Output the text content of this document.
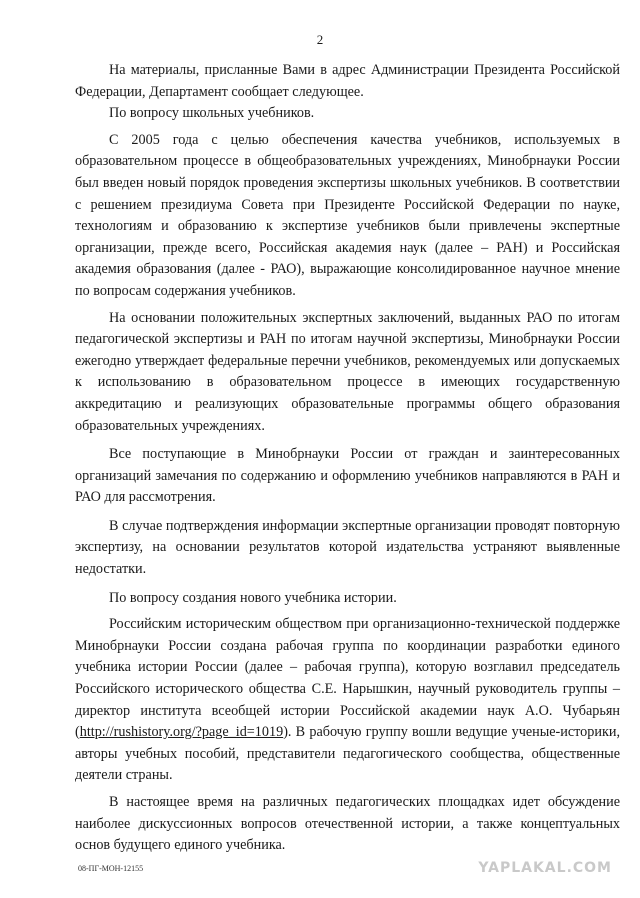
2

На материалы, присланные Вами в адрес Администрации Президента Российской Федерации, Департамент сообщает следующее.

По вопросу школьных учебников.

С 2005 года с целью обеспечения качества учебников, используемых в образовательном процессе в общеобразовательных учреждениях, Минобрнауки России был введен новый порядок проведения экспертизы школьных учебников. В соответствии с решением президиума Совета при Президенте Российской Федерации по науке, технологиям и образованию к экспертизе учебников были привлечены экспертные организации, прежде всего, Российская академия наук (далее – РАН) и Российская академия образования (далее - РАО), выражающие консолидированное научное мнение по вопросам содержания учебников.

На основании положительных экспертных заключений, выданных РАО по итогам педагогической экспертизы и РАН по итогам научной экспертизы, Минобрнауки России ежегодно утверждает федеральные перечни учебников, рекомендуемых или допускаемых к использованию в образовательном процессе в имеющих государственную аккредитацию и реализующих образовательные программы общего образования образовательных учреждениях.

Все поступающие в Минобрнауки России от граждан и заинтересованных организаций замечания по содержанию и оформлению учебников направляются в РАН и РАО для рассмотрения.

В случае подтверждения информации экспертные организации проводят повторную экспертизу, на основании результатов которой издательства устраняют выявленные недостатки.

По вопросу создания нового учебника истории.

Российским историческим обществом при организационно-технической поддержке Минобрнауки России создана рабочая группа по координации разработки единого учебника истории России (далее – рабочая группа), которую возглавил председатель Российского исторического общества С.Е. Нарышкин, научный руководитель группы – директор института всеобщей истории Российской академии наук А.О. Чубарьян (http://rushistory.org/?page_id=1019). В рабочую группу вошли ведущие ученые-историки, авторы учебных пособий, представители педагогического сообщества, общественные деятели страны.

В настоящее время на различных педагогических площадках идет обсуждение наиболее дискуссионных вопросов отечественной истории, а также концептуальных основ будущего единого учебника.

08-ПГ-МОН-12155	YAPLAKAL.COM
